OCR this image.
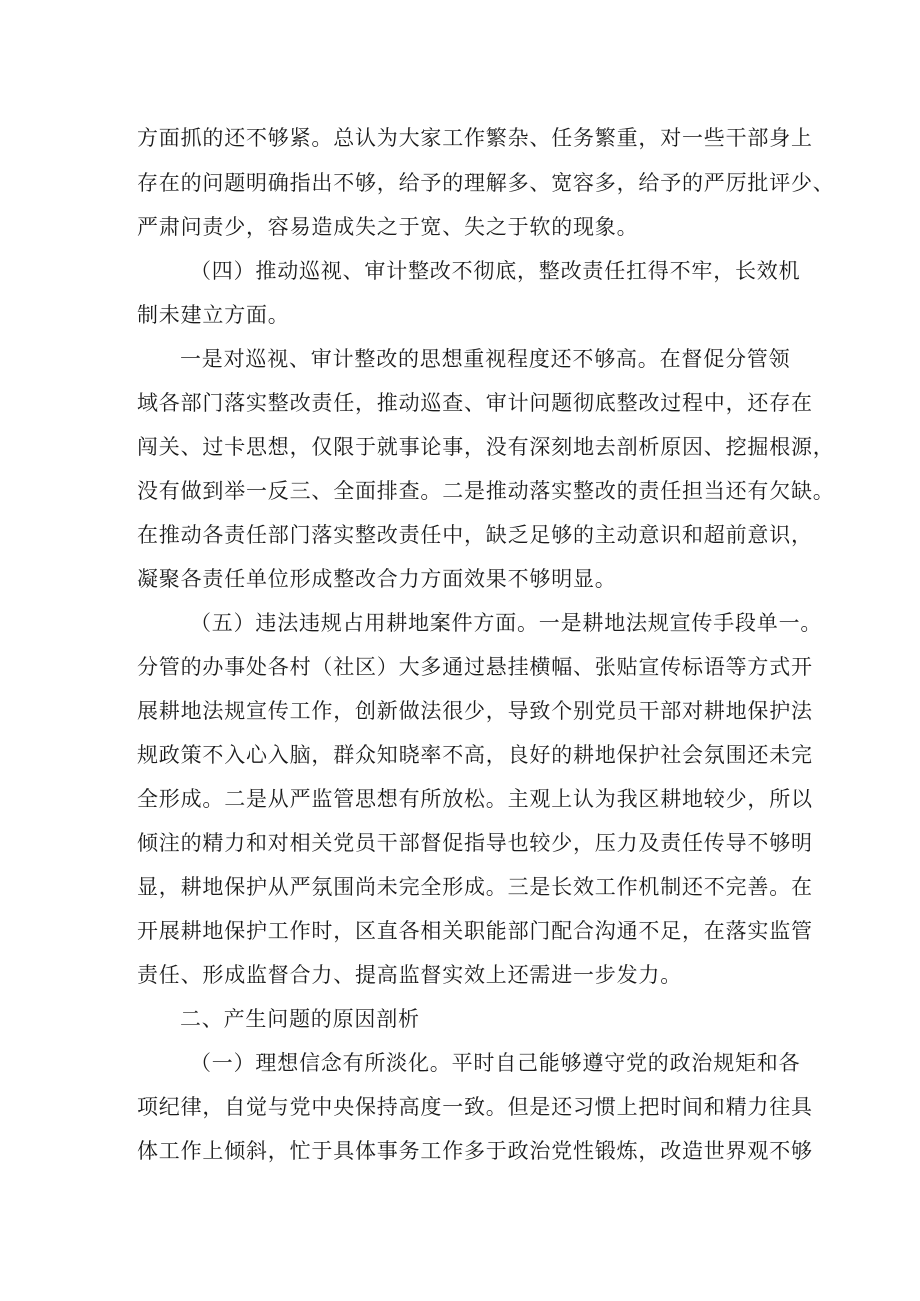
方面抓的还不够紧。总认为大家工作繁杂、任务繁重，对一些干部身上
存在的问题明确指出不够，给予的理解多、宽容多，给予的严厉批评少、
严肃问责少，容易造成失之于宽、失之于软的现象。
（四）推动巡视、审计整改不彻底，整改责任扛得不牢，长效机
制未建立方面。
一是对巡视、审计整改的思想重视程度还不够高。在督促分管领
域各部门落实整改责任，推动巡查、审计问题彻底整改过程中，还存在
闯关、过卡思想，仅限于就事论事，没有深刻地去剖析原因、挖掘根源，
没有做到举一反三、全面排查。二是推动落实整改的责任担当还有欠缺。
在推动各责任部门落实整改责任中，缺乏足够的主动意识和超前意识，
凝聚各责任单位形成整改合力方面效果不够明显。
（五）违法违规占用耕地案件方面。一是耕地法规宣传手段单一。
分管的办事处各村（社区）大多通过悬挂横幅、张贴宣传标语等方式开
展耕地法规宣传工作，创新做法很少，导致个别党员干部对耕地保护法
规政策不入心入脑，群众知晓率不高，良好的耕地保护社会氛围还未完
全形成。二是从严监管思想有所放松。主观上认为我区耕地较少，所以
倾注的精力和对相关党员干部督促指导也较少，压力及责任传导不够明
显，耕地保护从严氛围尚未完全形成。三是长效工作机制还不完善。在
开展耕地保护工作时，区直各相关职能部门配合沟通不足，在落实监管
责任、形成监督合力、提高监督实效上还需进一步发力。
二、产生问题的原因剖析
（一）理想信念有所淡化。平时自己能够遵守党的政治规矩和各
项纪律，自觉与党中央保持高度一致。但是还习惯上把时间和精力往具
体工作上倾斜，忙于具体事务工作多于政治党性锻炼，改造世界观不够
